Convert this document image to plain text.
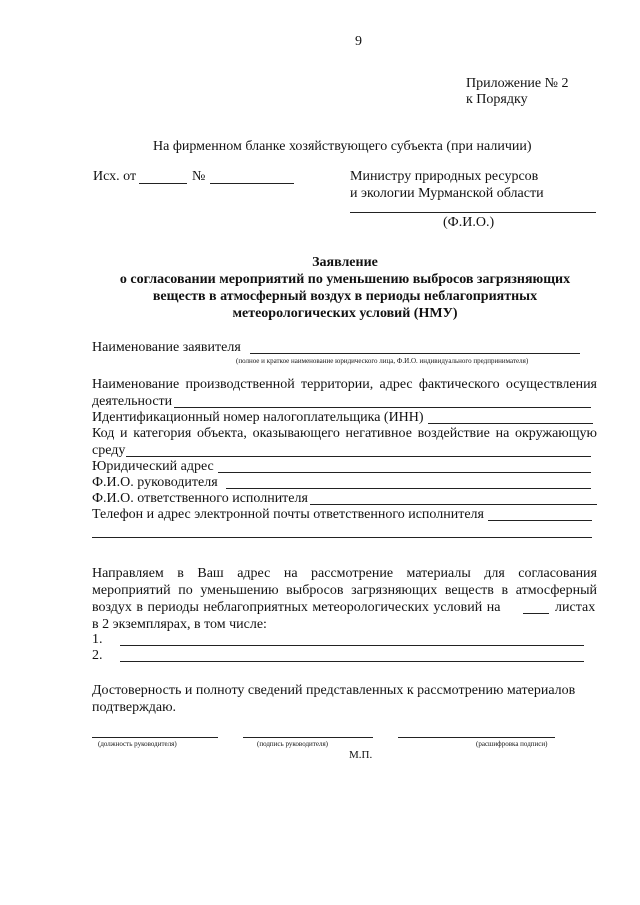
9
Приложение № 2
к Порядку
На фирменном бланке хозяйствующего субъекта (при наличии)
Исх. от	№	Министру природных ресурсов
и экологии Мурманской области
(Ф.И.О.)
Заявление
о согласовании мероприятий по уменьшению выбросов загрязняющих
веществ в атмосферный воздух в периоды неблагоприятных
метеорологических условий (НМУ)
Наименование заявителя
(полное и краткое наименование юридического лица, Ф.И.О. индивидуального предпринимателя)
Наименование производственной территории, адрес фактического осуществления
деятельности
Идентификационный номер налогоплательщика (ИНН)
Код и категория объекта, оказывающего негативное воздействие на окружающую
среду
Юридический адрес
Ф.И.О. руководителя
Ф.И.О. ответственного исполнителя
Телефон и адрес электронной почты ответственного исполнителя
Направляем в Ваш адрес на рассмотрение материалы для согласования
мероприятий по уменьшению выбросов загрязняющих веществ в атмосферный
воздух в периоды неблагоприятных метеорологических условий на	листах
в 2 экземплярах, в том числе:
1.
2.
Достоверность и полноту сведений представленных к рассмотрению материалов
подтверждаю.
(должность руководителя)	(подпись руководителя)
М.П.
(расшифровка подписи)
